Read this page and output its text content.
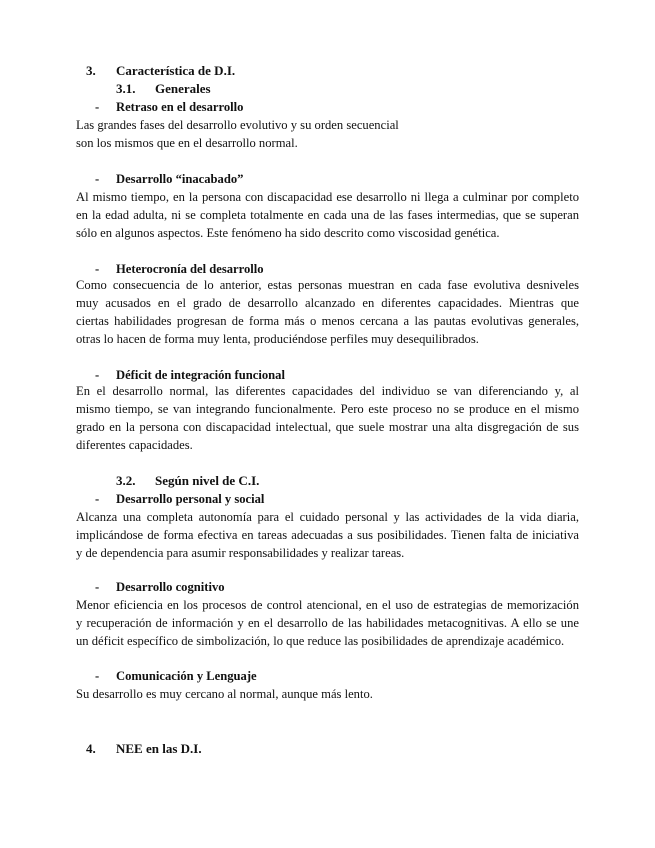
3. Característica de D.I.
3.1. Generales
- Retraso en el desarrollo
Las grandes fases del desarrollo evolutivo y su orden secuencial
son los mismos que en el desarrollo normal.
- Desarrollo “inacabado”
Al mismo tiempo, en la persona con discapacidad ese desarrollo ni llega a culminar por completo
en la edad adulta, ni se completa totalmente en cada una de las fases intermedias, que se superan
sólo en algunos aspectos. Este fenómeno ha sido descrito como viscosidad genética.
- Heterocronía del desarrollo
Como consecuencia de lo anterior, estas personas muestran en cada fase evolutiva desniveles
muy acusados en el grado de desarrollo alcanzado en diferentes capacidades. Mientras que
ciertas habilidades progresan de forma más o menos cercana a las pautas evolutivas generales,
otras lo hacen de forma muy lenta, produciéndose perfiles muy desequilibrados.
- Déficit de integración funcional
En el desarrollo normal, las diferentes capacidades del individuo se van diferenciando y, al
mismo tiempo, se van integrando funcionalmente. Pero este proceso no se produce en el mismo
grado en la persona con discapacidad intelectual, que suele mostrar una alta disgregación de sus
diferentes capacidades.
3.2. Según nivel de C.I.
- Desarrollo personal y social
Alcanza una completa autonomía para el cuidado personal y las actividades de la vida diaria,
implicándose de forma efectiva en tareas adecuadas a sus posibilidades. Tienen falta de iniciativa
y de dependencia para asumir responsabilidades y realizar tareas.
- Desarrollo cognitivo
Menor eficiencia en los procesos de control atencional, en el uso de estrategias de memorización
y recuperación de información y en el desarrollo de las habilidades metacognitivas. A ello se une
un déficit específico de simbolización, lo que reduce las posibilidades de aprendizaje académico.
- Comunicación y Lenguaje
Su desarrollo es muy cercano al normal, aunque más lento.
4. NEE en las D.I.
